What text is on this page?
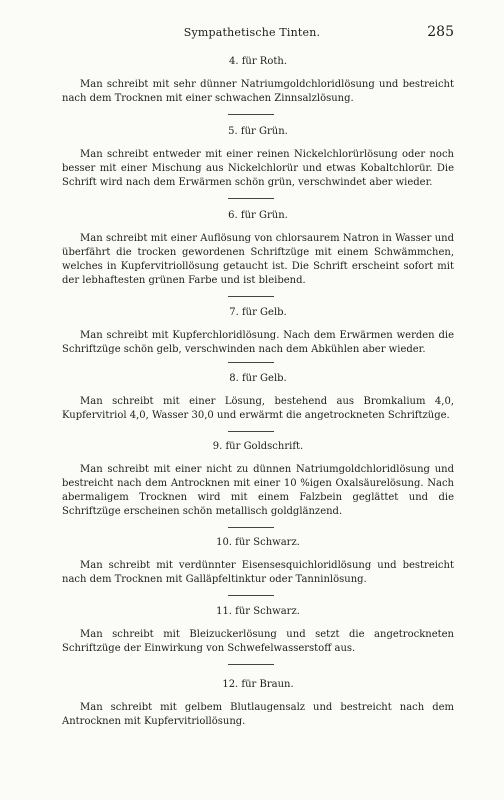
Sympathetische Tinten.	285
4. für Roth.

Man schreibt mit sehr dünner Natriumgoldchloridlösung und bestreicht nach dem Trocknen mit einer schwachen Zinnsalzlösung.

5. für Grün.

Man schreibt entweder mit einer reinen Nickelchlorürlösung oder noch besser mit einer Mischung aus Nickelchlorür und etwas Kobaltchlorür. Die Schrift wird nach dem Erwärmen schön grün, verschwindet aber wieder.

6. für Grün.

Man schreibt mit einer Auflösung von chlorsaurem Natron in Wasser und überfährt die trocken gewordenen Schriftzüge mit einem Schwämmchen, welches in Kupfervitriollösung getaucht ist. Die Schrift erscheint sofort mit der lebhaftesten grünen Farbe und ist bleibend.

7. für Gelb.

Man schreibt mit Kupferchloridlösung. Nach dem Erwärmen werden die Schriftzüge schön gelb, verschwinden nach dem Abkühlen aber wieder.

8. für Gelb.

Man schreibt mit einer Lösung, bestehend aus Bromkalium 4,0, Kupfervitriol 4,0, Wasser 30,0 und erwärmt die angetrockneten Schriftzüge.

9. für Goldschrift.

Man schreibt mit einer nicht zu dünnen Natriumgoldchloridlösung und bestreicht nach dem Antrocknen mit einer 10 %igen Oxalsäurelösung. Nach abermaligem Trocknen wird mit einem Falzbein geglättet und die Schriftzüge erscheinen schön metallisch goldglänzend.

10. für Schwarz.

Man schreibt mit verdünnter Eisensesquichloridlösung und bestreicht nach dem Trocknen mit Galläpfeltinktur oder Tanninlösung.

11. für Schwarz.

Man schreibt mit Bleizuckerlösung und setzt die angetrockneten Schriftzüge der Einwirkung von Schwefelwasserstoff aus.

12. für Braun.

Man schreibt mit gelbem Blutlaugensalz und bestreicht nach dem Antrocknen mit Kupfervitriollösung.
